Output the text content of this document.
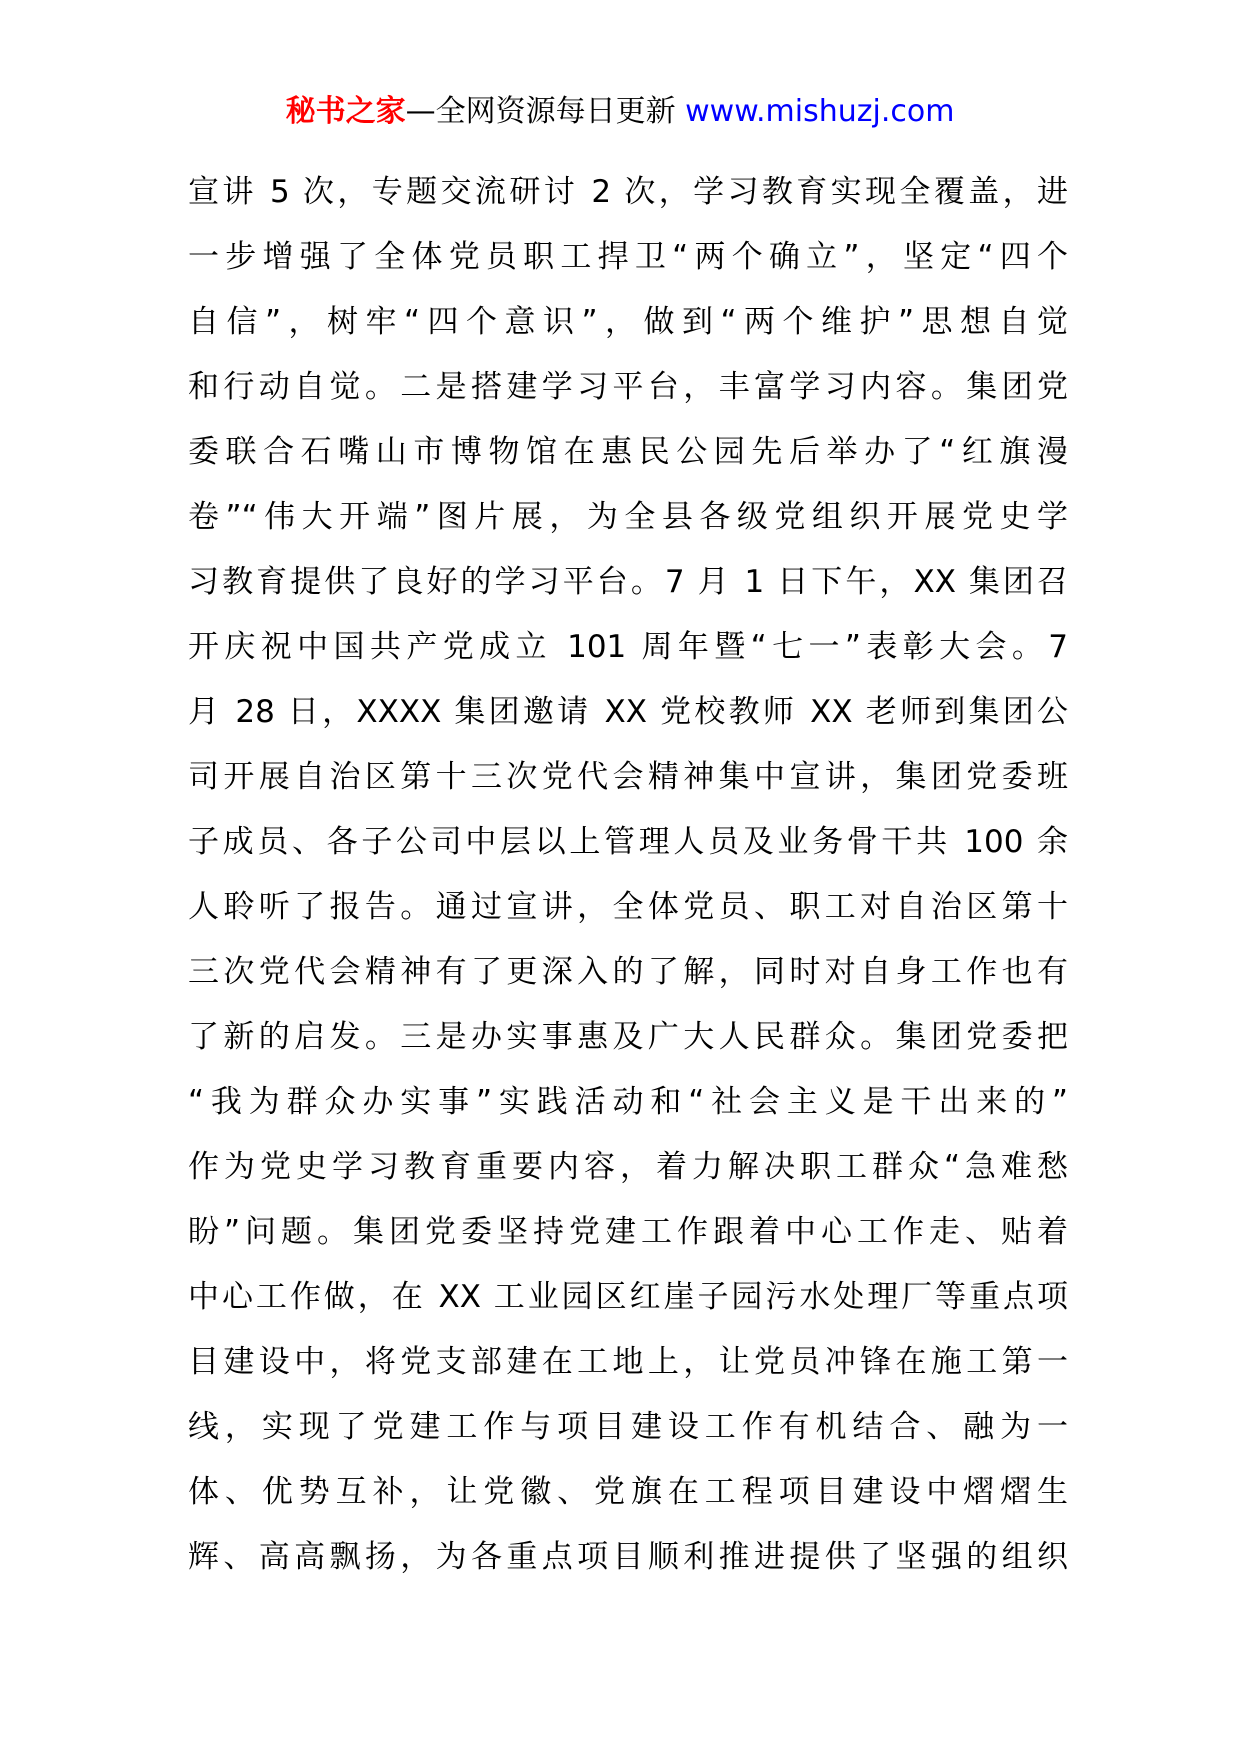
秘书之家—全网资源每日更新 www.mishuzj.com
宣讲 5 次，专题交流研讨 2 次，学习教育实现全覆盖，进
一步增强了全体党员职工捍卫“两个确立”，坚定“四个
自信”，树牢“四个意识”，做到“两个维护”思想自觉
和行动自觉。二是搭建学习平台，丰富学习内容。集团党
委联合石嘴山市博物馆在惠民公园先后举办了“红旗漫
卷”“伟大开端”图片展，为全县各级党组织开展党史学
习教育提供了良好的学习平台。7 月 1 日下午，XX 集团召
开庆祝中国共产党成立 101 周年暨“七一”表彰大会。7
月 28 日，XXXX 集团邀请 XX 党校教师 XX 老师到集团公
司开展自治区第十三次党代会精神集中宣讲，集团党委班
子成员、各子公司中层以上管理人员及业务骨干共 100 余
人聆听了报告。通过宣讲，全体党员、职工对自治区第十
三次党代会精神有了更深入的了解，同时对自身工作也有
了新的启发。三是办实事惠及广大人民群众。集团党委把
“我为群众办实事”实践活动和“社会主义是干出来的”
作为党史学习教育重要内容，着力解决职工群众“急难愁
盼”问题。集团党委坚持党建工作跟着中心工作走、贴着
中心工作做，在 XX 工业园区红崖子园污水处理厂等重点项
目建设中，将党支部建在工地上，让党员冲锋在施工第一
线，实现了党建工作与项目建设工作有机结合、融为一
体、优势互补，让党徽、党旗在工程项目建设中熠熠生
辉、高高飘扬，为各重点项目顺利推进提供了坚强的组织
